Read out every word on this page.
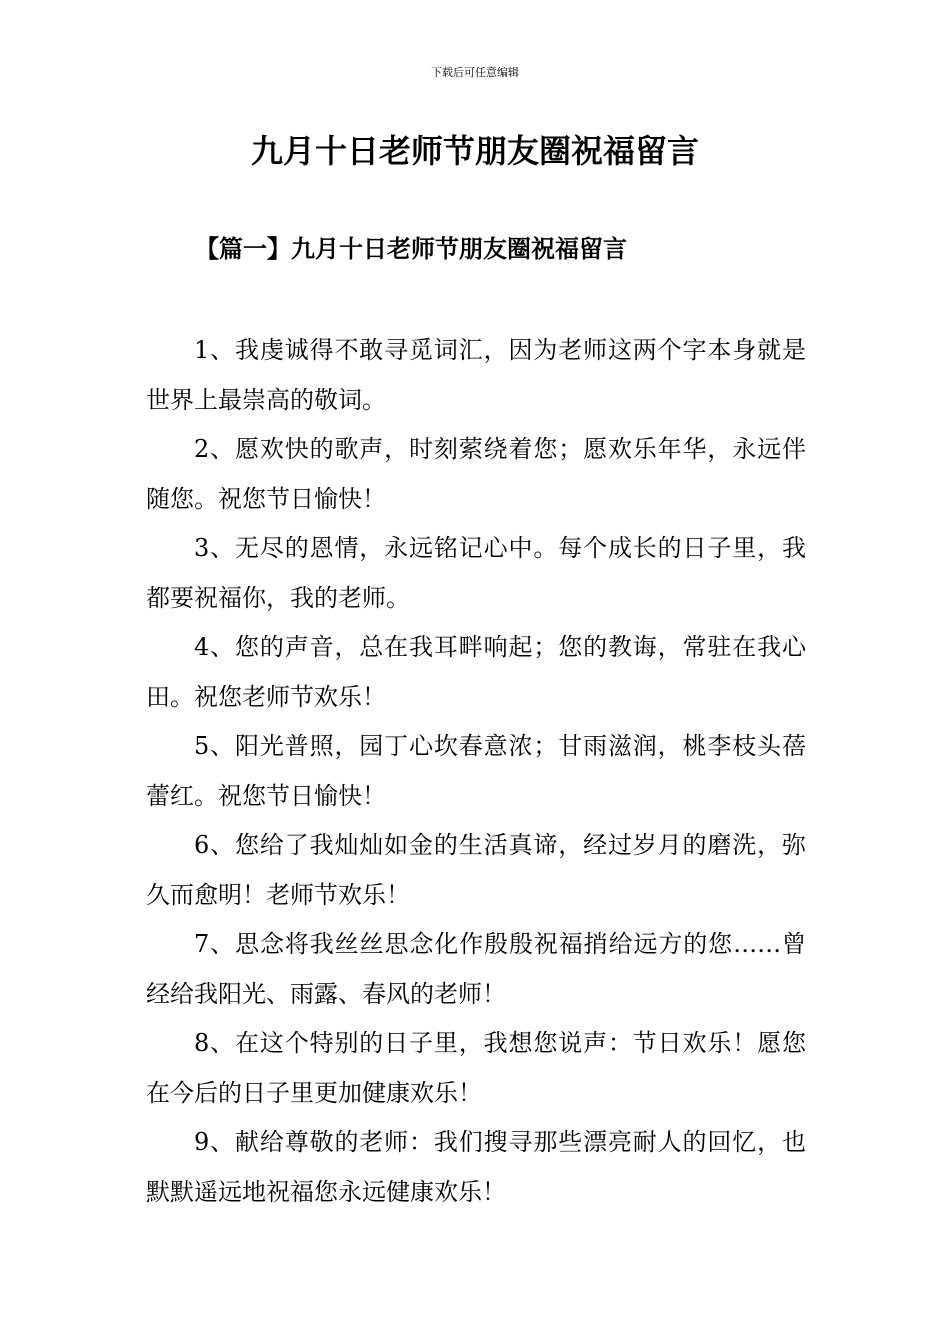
下载后可任意编辑
九月十日老师节朋友圈祝福留言
【篇一】九月十日老师节朋友圈祝福留言
1、我虔诚得不敢寻觅词汇，因为老师这两个字本身就是世界上最崇高的敬词。
2、愿欢快的歌声，时刻萦绕着您；愿欢乐年华，永远伴随您。祝您节日愉快！
3、无尽的恩情，永远铭记心中。每个成长的日子里，我都要祝福你，我的老师。
4、您的声音，总在我耳畔响起；您的教诲，常驻在我心田。祝您老师节欢乐！
5、阳光普照，园丁心坎春意浓；甘雨滋润，桃李枝头蓓蕾红。祝您节日愉快！
6、您给了我灿灿如金的生活真谛，经过岁月的磨洗，弥久而愈明！老师节欢乐！
7、思念将我丝丝思念化作殷殷祝福捎给远方的您……曾经给我阳光、雨露、春风的老师！
8、在这个特别的日子里，我想您说声：节日欢乐！愿您在今后的日子里更加健康欢乐！
9、献给尊敬的老师：我们搜寻那些漂亮耐人的回忆，也默默遥远地祝福您永远健康欢乐！
